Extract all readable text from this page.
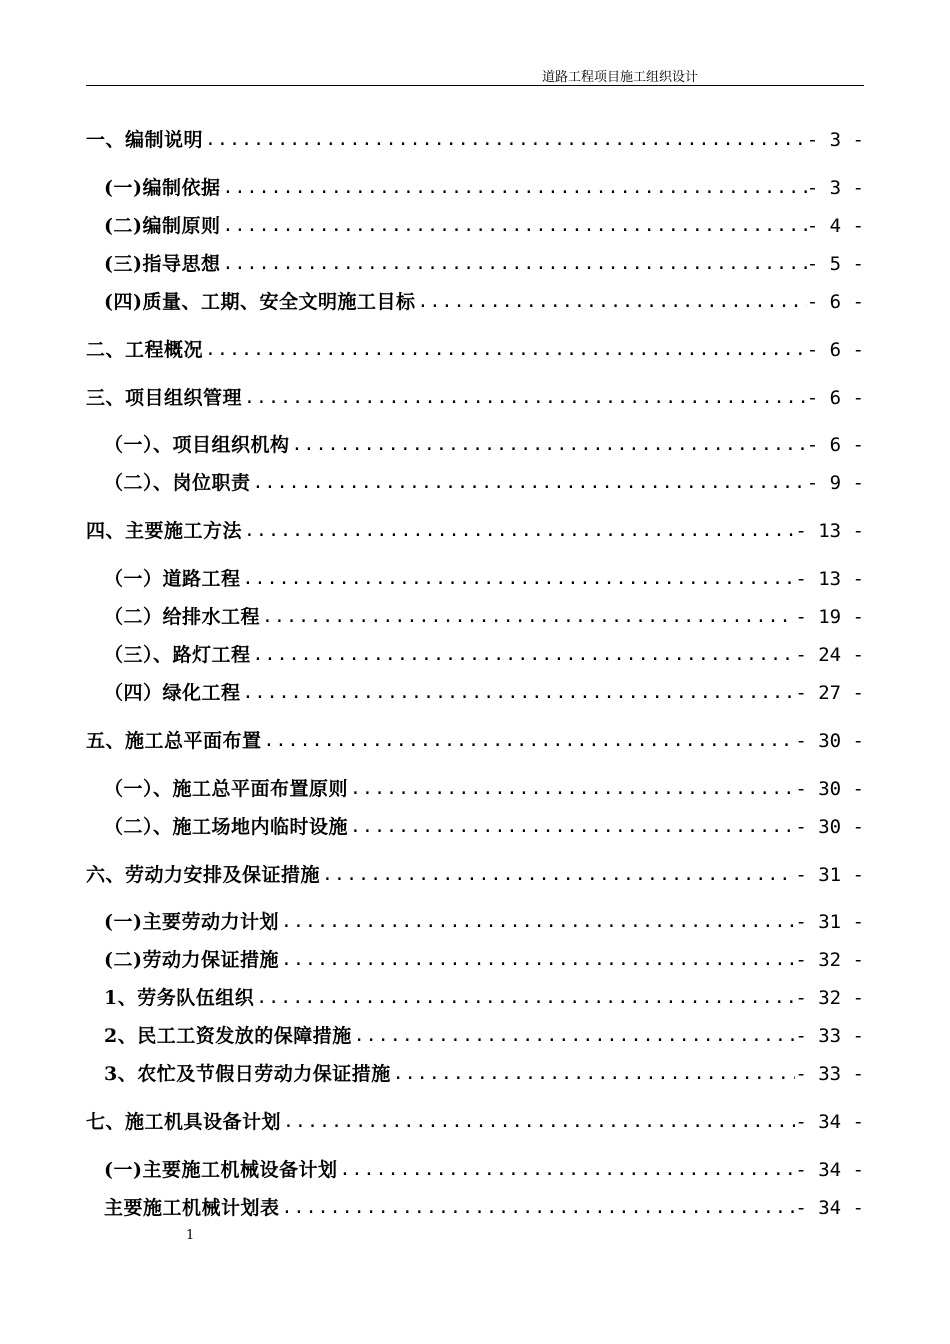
道路工程项目施工组织设计
一、编制说明 .....	- 3 -
(一)编制依据 .....	- 3 -
(二)编制原则 .....	- 4 -
(三)指导思想 .....	- 5 -
(四)质量、工期、安全文明施工目标 .....	- 6 -
二、工程概况 .....	- 6 -
三、项目组织管理 .....	- 6 -
（一）、项目组织机构 .....	- 6 -
（二）、岗位职责 .....	- 9 -
四、主要施工方法 .....	- 13 -
（一）道路工程 .....	- 13 -
（二）给排水工程 .....	- 19 -
（三）、路灯工程 .....	- 24 -
（四）绿化工程 .....	- 27 -
五、施工总平面布置 .....	- 30 -
（一）、施工总平面布置原则 .....	- 30 -
（二）、施工场地内临时设施 .....	- 30 -
六、劳动力安排及保证措施 .....	- 31 -
(一)主要劳动力计划 .....	- 31 -
(二)劳动力保证措施 .....	- 32 -
1、劳务队伍组织 .....	- 32 -
2、民工工资发放的保障措施 .....	- 33 -
3、农忙及节假日劳动力保证措施 .....	- 33 -
七、施工机具设备计划 .....	- 34 -
(一)主要施工机械设备计划 .....	- 34 -
主要施工机械计划表 .....	- 34 -
1
